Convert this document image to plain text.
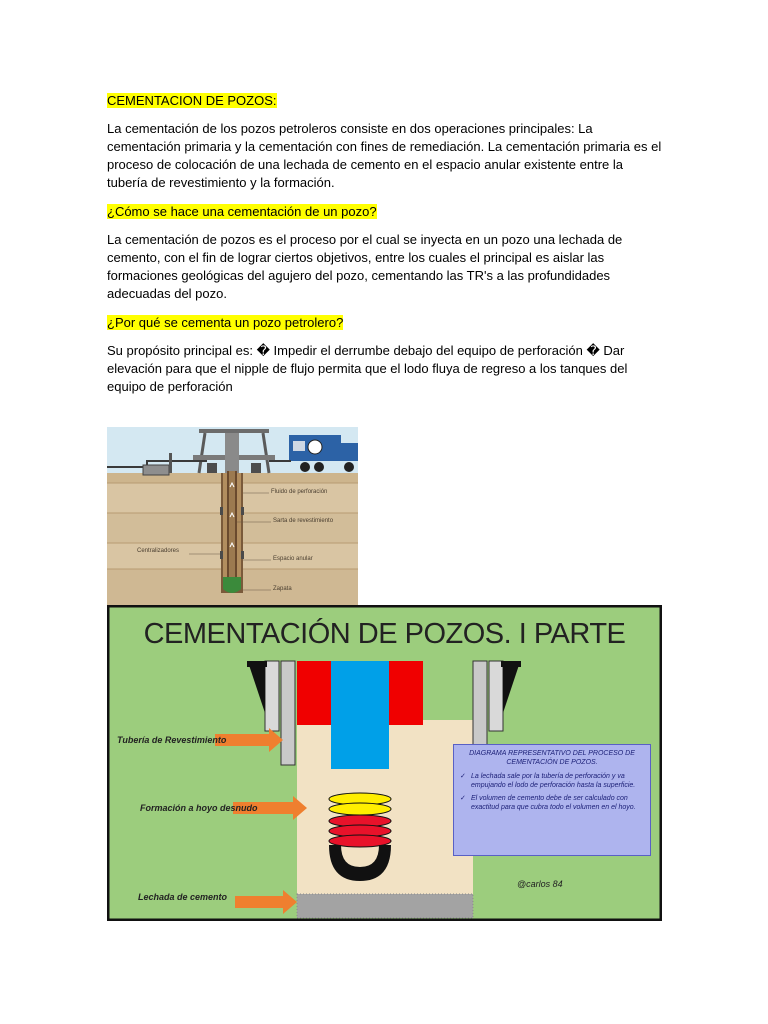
CEMENTACION DE POZOS:

La cementación de los pozos petroleros consiste en dos operaciones principales: La cementación primaria y la cementación con fines de remediación. La cementación primaria es el proceso de colocación de una lechada de cemento en el espacio anular existente entre la tubería de revestimiento y la formación.

¿Cómo se hace una cementación de un pozo?

La cementación de pozos es el proceso por el cual se inyecta en un pozo una lechada de cemento, con el fin de lograr ciertos objetivos, entre los cuales el principal es aislar las formaciones geológicas del agujero del pozo, cementando las TR's a las profundidades adecuadas del pozo.

¿Por qué se cementa un pozo petrolero?

Su propósito principal es: � Impedir el derrumbe debajo del equipo de perforación � Dar elevación para que el nipple de flujo permita que el lodo fluya de regreso a los tanques del equipo de perforación

Fluido de perforación
Sarta de revestimiento
Centralizadores
Espacio anular
Zapata
CEMENTACIÓN DE POZOS. I PARTE
Tubería de Revestimiento
Formación a hoyo desnudo
Lechada de cemento
DIAGRAMA REPRESENTATIVO DEL PROCESO DE CEMENTACIÓN DE POZOS.
✓ La lechada sale por la tubería de perforación y va empujando el lodo de perforación hasta la superficie.
✓ El volumen de cemento debe de ser calculado con exactitud para que cubra todo el volumen en el hoyo.
@carlos 84
